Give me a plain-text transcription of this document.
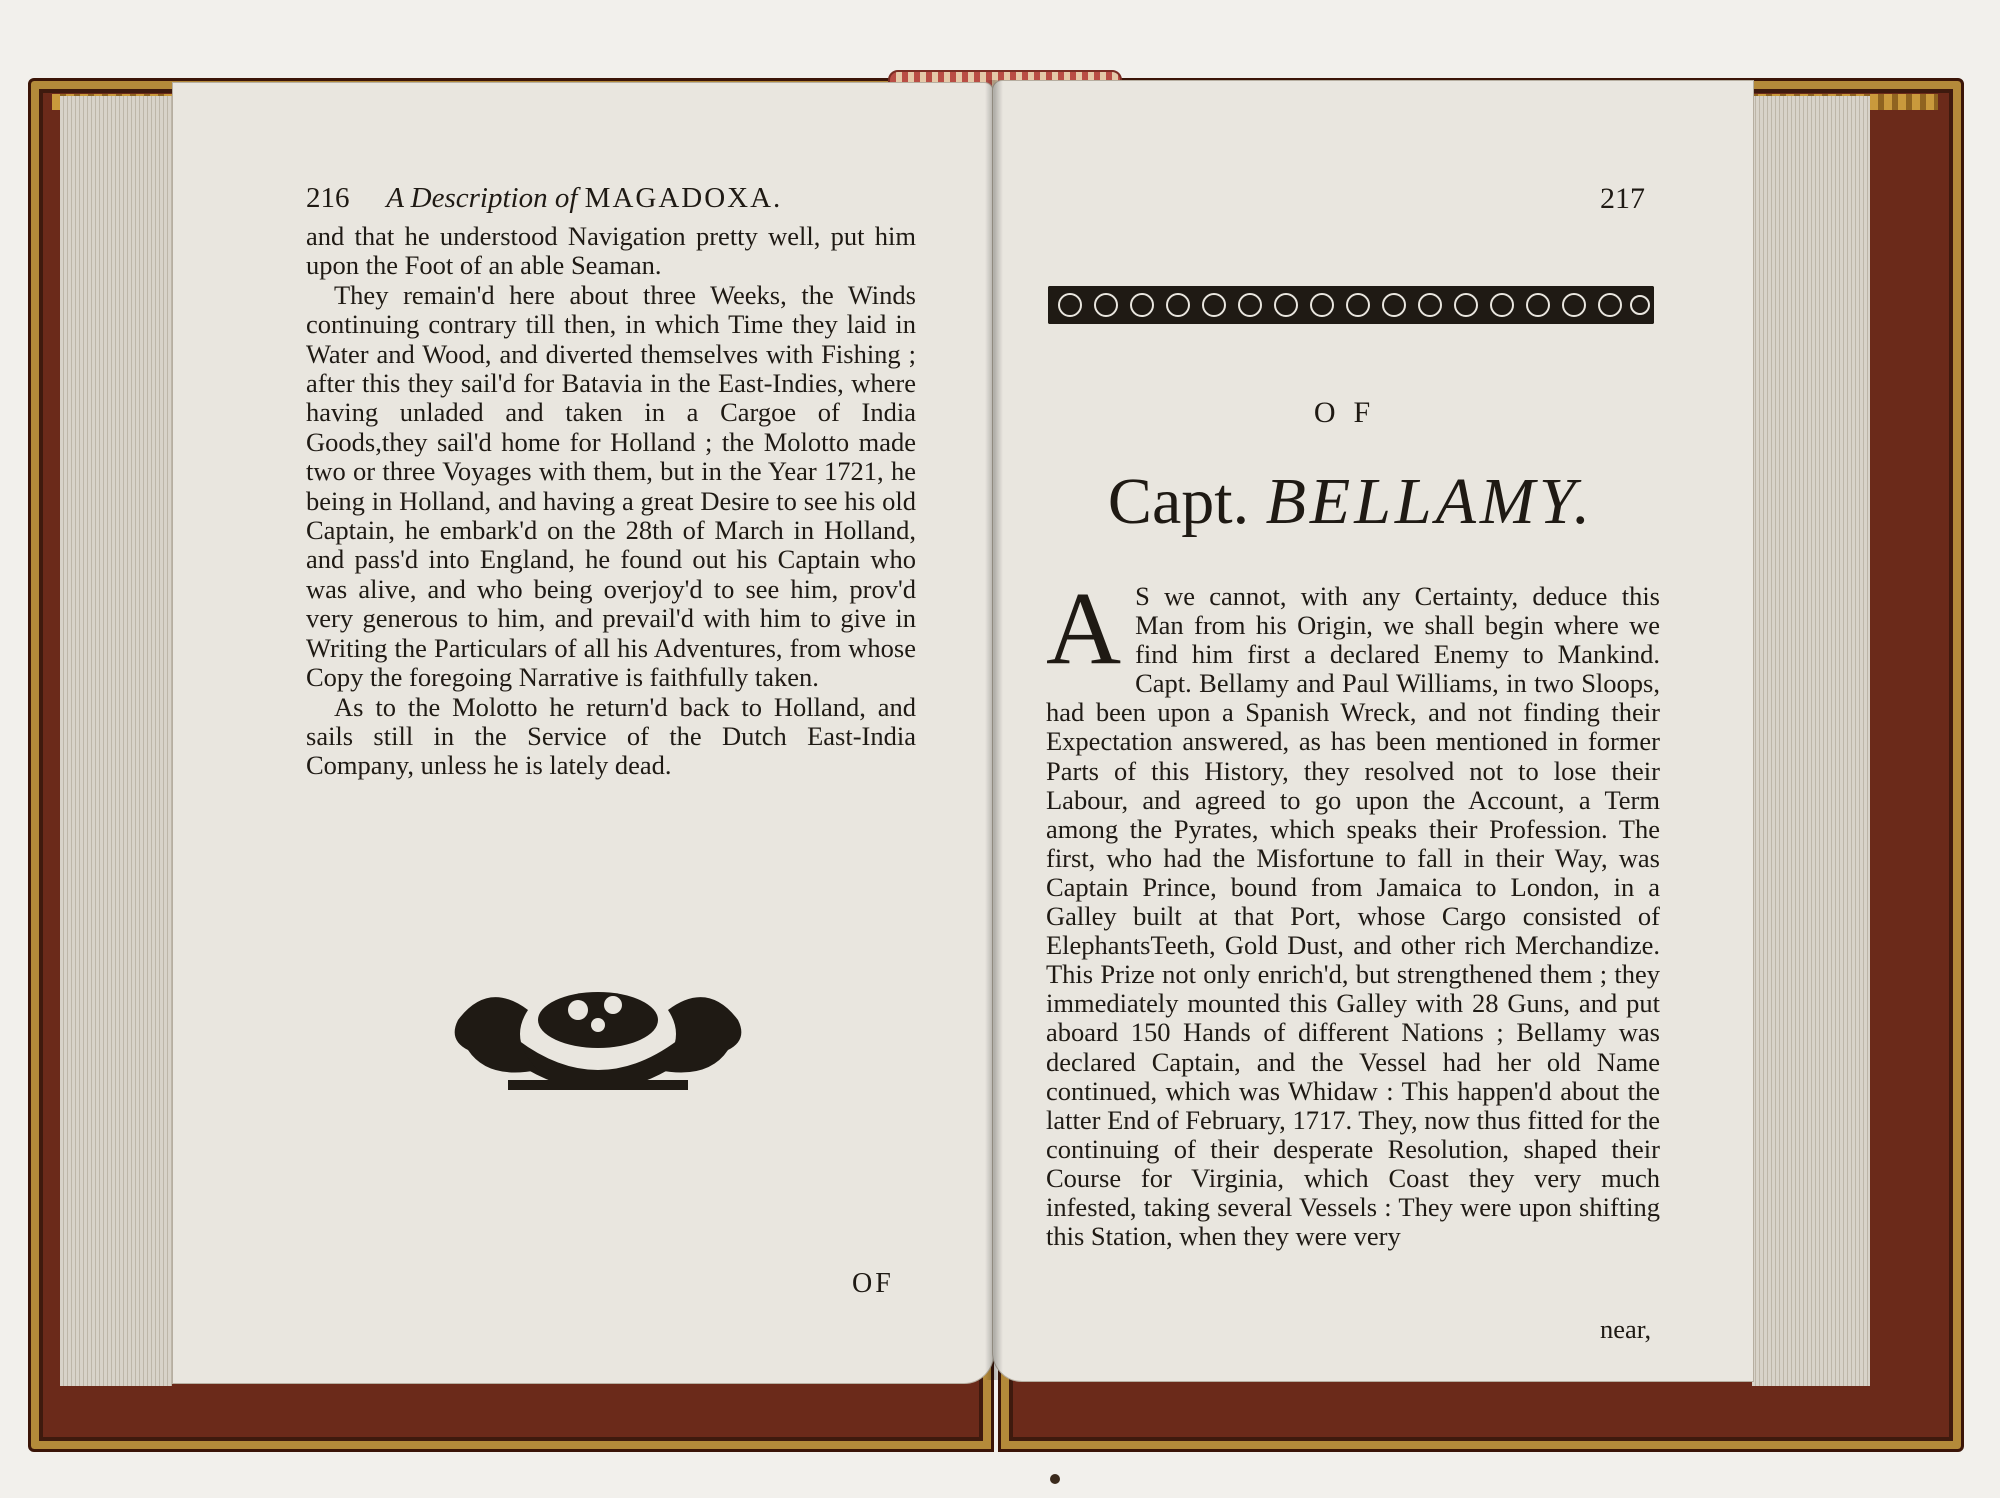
216 A Description of MAGADOXA.

and that he understood Navigation pretty well, put him upon the Foot of an able Seaman.

They remain'd here about three Weeks, the Winds continuing contrary till then, in which Time they laid in Water and Wood, and diverted themselves with Fishing ; after this they sail'd for Batavia in the East-Indies, where having unladed and taken in a Cargoe of India Goods,they sail'd home for Holland ; the Molotto made two or three Voyages with them, but in the Year 1721, he being in Holland, and having a great Desire to see his old Captain, he embark'd on the 28th of March in Holland, and pass'd into England, he found out his Captain who was alive, and who being overjoy'd to see him, prov'd very generous to him, and prevail'd with him to give in Writing the Particulars of all his Adventures, from whose Copy the foregoing Narrative is faithfully taken.

As to the Molotto he return'd back to Holland, and sails still in the Service of the Dutch East-India Company, unless he is lately dead.

OF
217
OF
Capt. BELLAMY.
A S we cannot, with any Certainty, deduce this Man from his Origin, we shall begin where we find him first a declared Enemy to Mankind. Capt. Bellamy and Paul Williams, in two Sloops, had been upon a Spanish Wreck, and not finding their Expectation answered, as has been mentioned in former Parts of this History, they resolved not to lose their Labour, and agreed to go upon the Account, a Term among the Pyrates, which speaks their Profession. The first, who had the Misfortune to fall in their Way, was Captain Prince, bound from Jamaica to London, in a Galley built at that Port, whose Cargo consisted of ElephantsTeeth, Gold Dust, and other rich Merchandize. This Prize not only enrich'd, but strengthened them ; they immediately mounted this Galley with 28 Guns, and put aboard 150 Hands of different Nations ; Bellamy was declared Captain, and the Vessel had her old Name continued, which was Whidaw : This happen'd about the latter End of February, 1717. They, now thus fitted for the continuing of their desperate Resolution, shaped their Course for Virginia, which Coast they very much infested, taking several Vessels : They were upon shifting this Station, when they were very
near,
